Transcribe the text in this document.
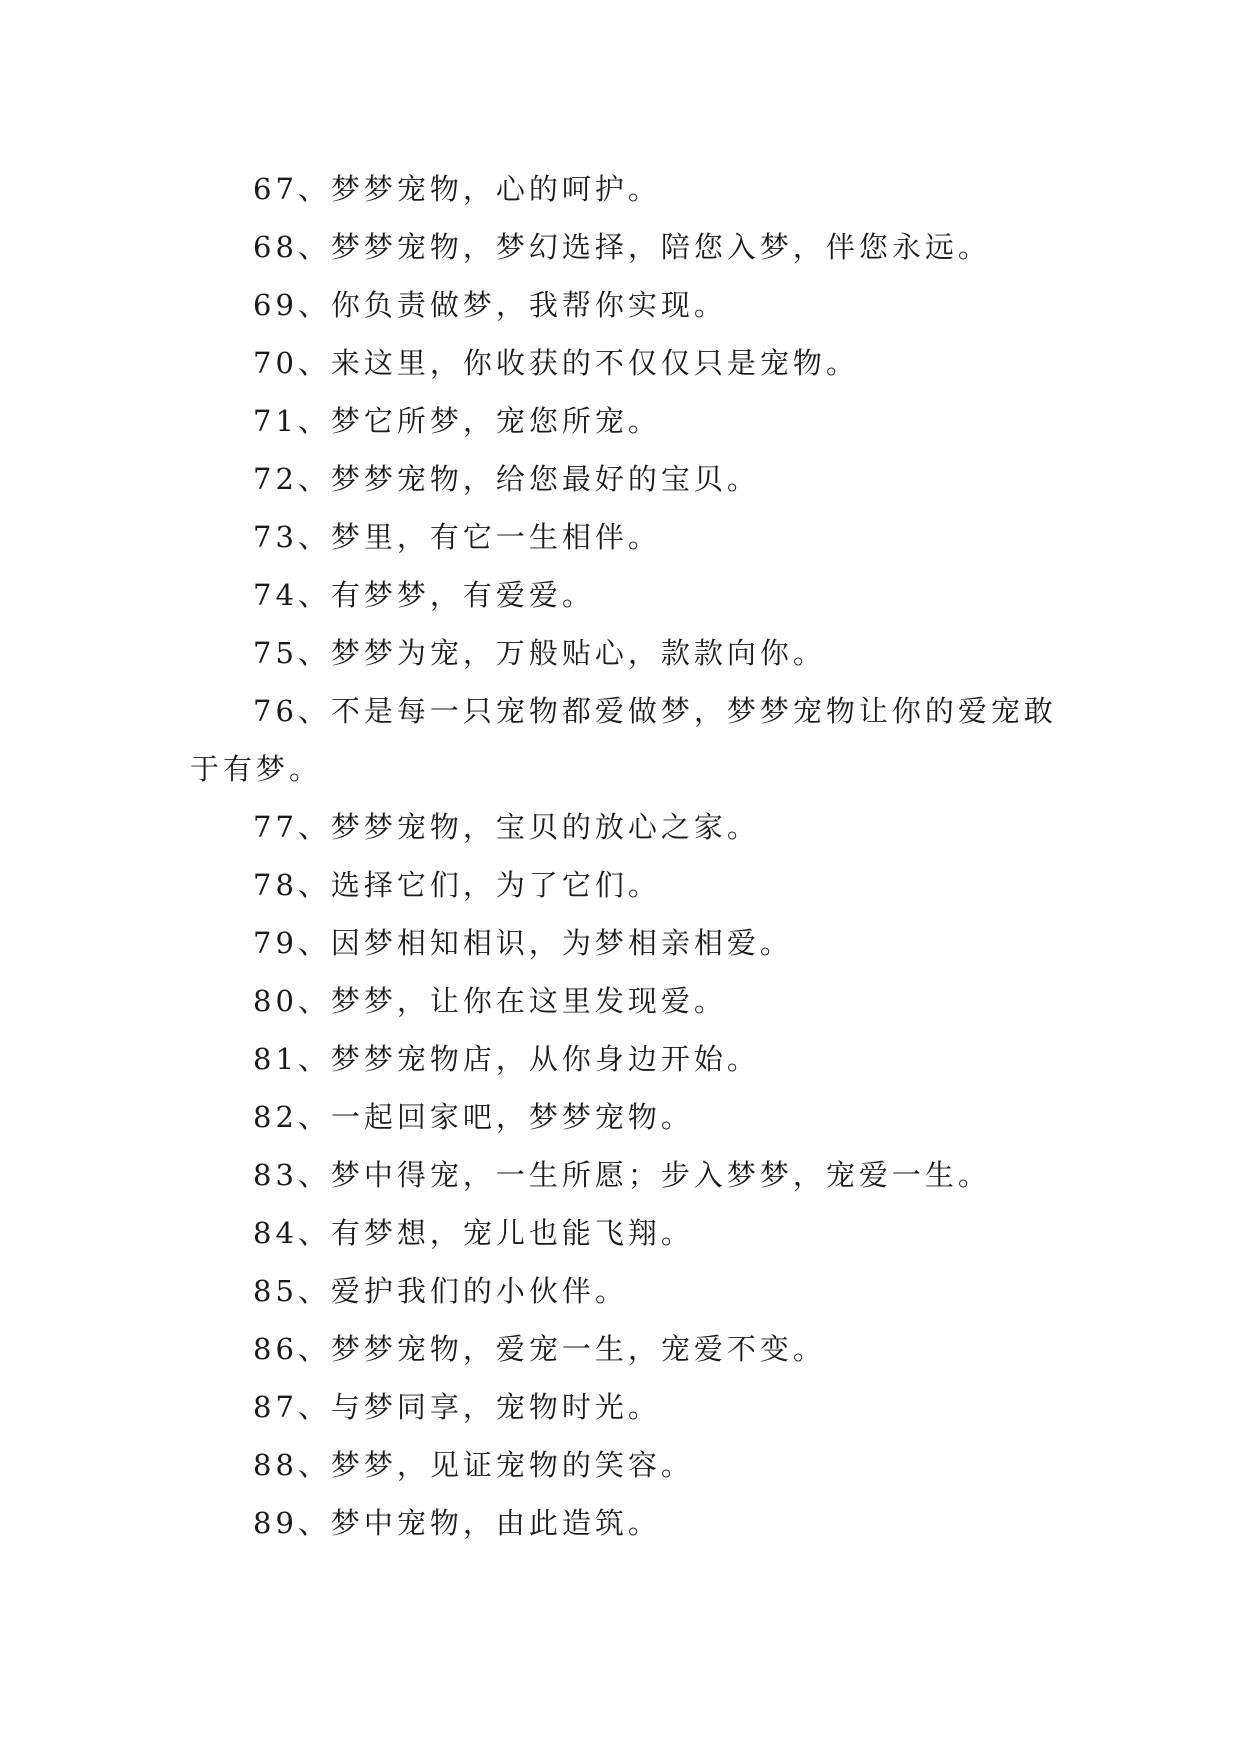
67、梦梦宠物，心的呵护。
68、梦梦宠物，梦幻选择，陪您入梦，伴您永远。
69、你负责做梦，我帮你实现。
70、来这里，你收获的不仅仅只是宠物。
71、梦它所梦，宠您所宠。
72、梦梦宠物，给您最好的宝贝。
73、梦里，有它一生相伴。
74、有梦梦，有爱爱。
75、梦梦为宠，万般贴心，款款向你。
76、不是每一只宠物都爱做梦，梦梦宠物让你的爱宠敢
于有梦。
77、梦梦宠物，宝贝的放心之家。
78、选择它们，为了它们。
79、因梦相知相识，为梦相亲相爱。
80、梦梦，让你在这里发现爱。
81、梦梦宠物店，从你身边开始。
82、一起回家吧，梦梦宠物。
83、梦中得宠，一生所愿；步入梦梦，宠爱一生。
84、有梦想，宠儿也能飞翔。
85、爱护我们的小伙伴。
86、梦梦宠物，爱宠一生，宠爱不变。
87、与梦同享，宠物时光。
88、梦梦，见证宠物的笑容。
89、梦中宠物，由此造筑。
